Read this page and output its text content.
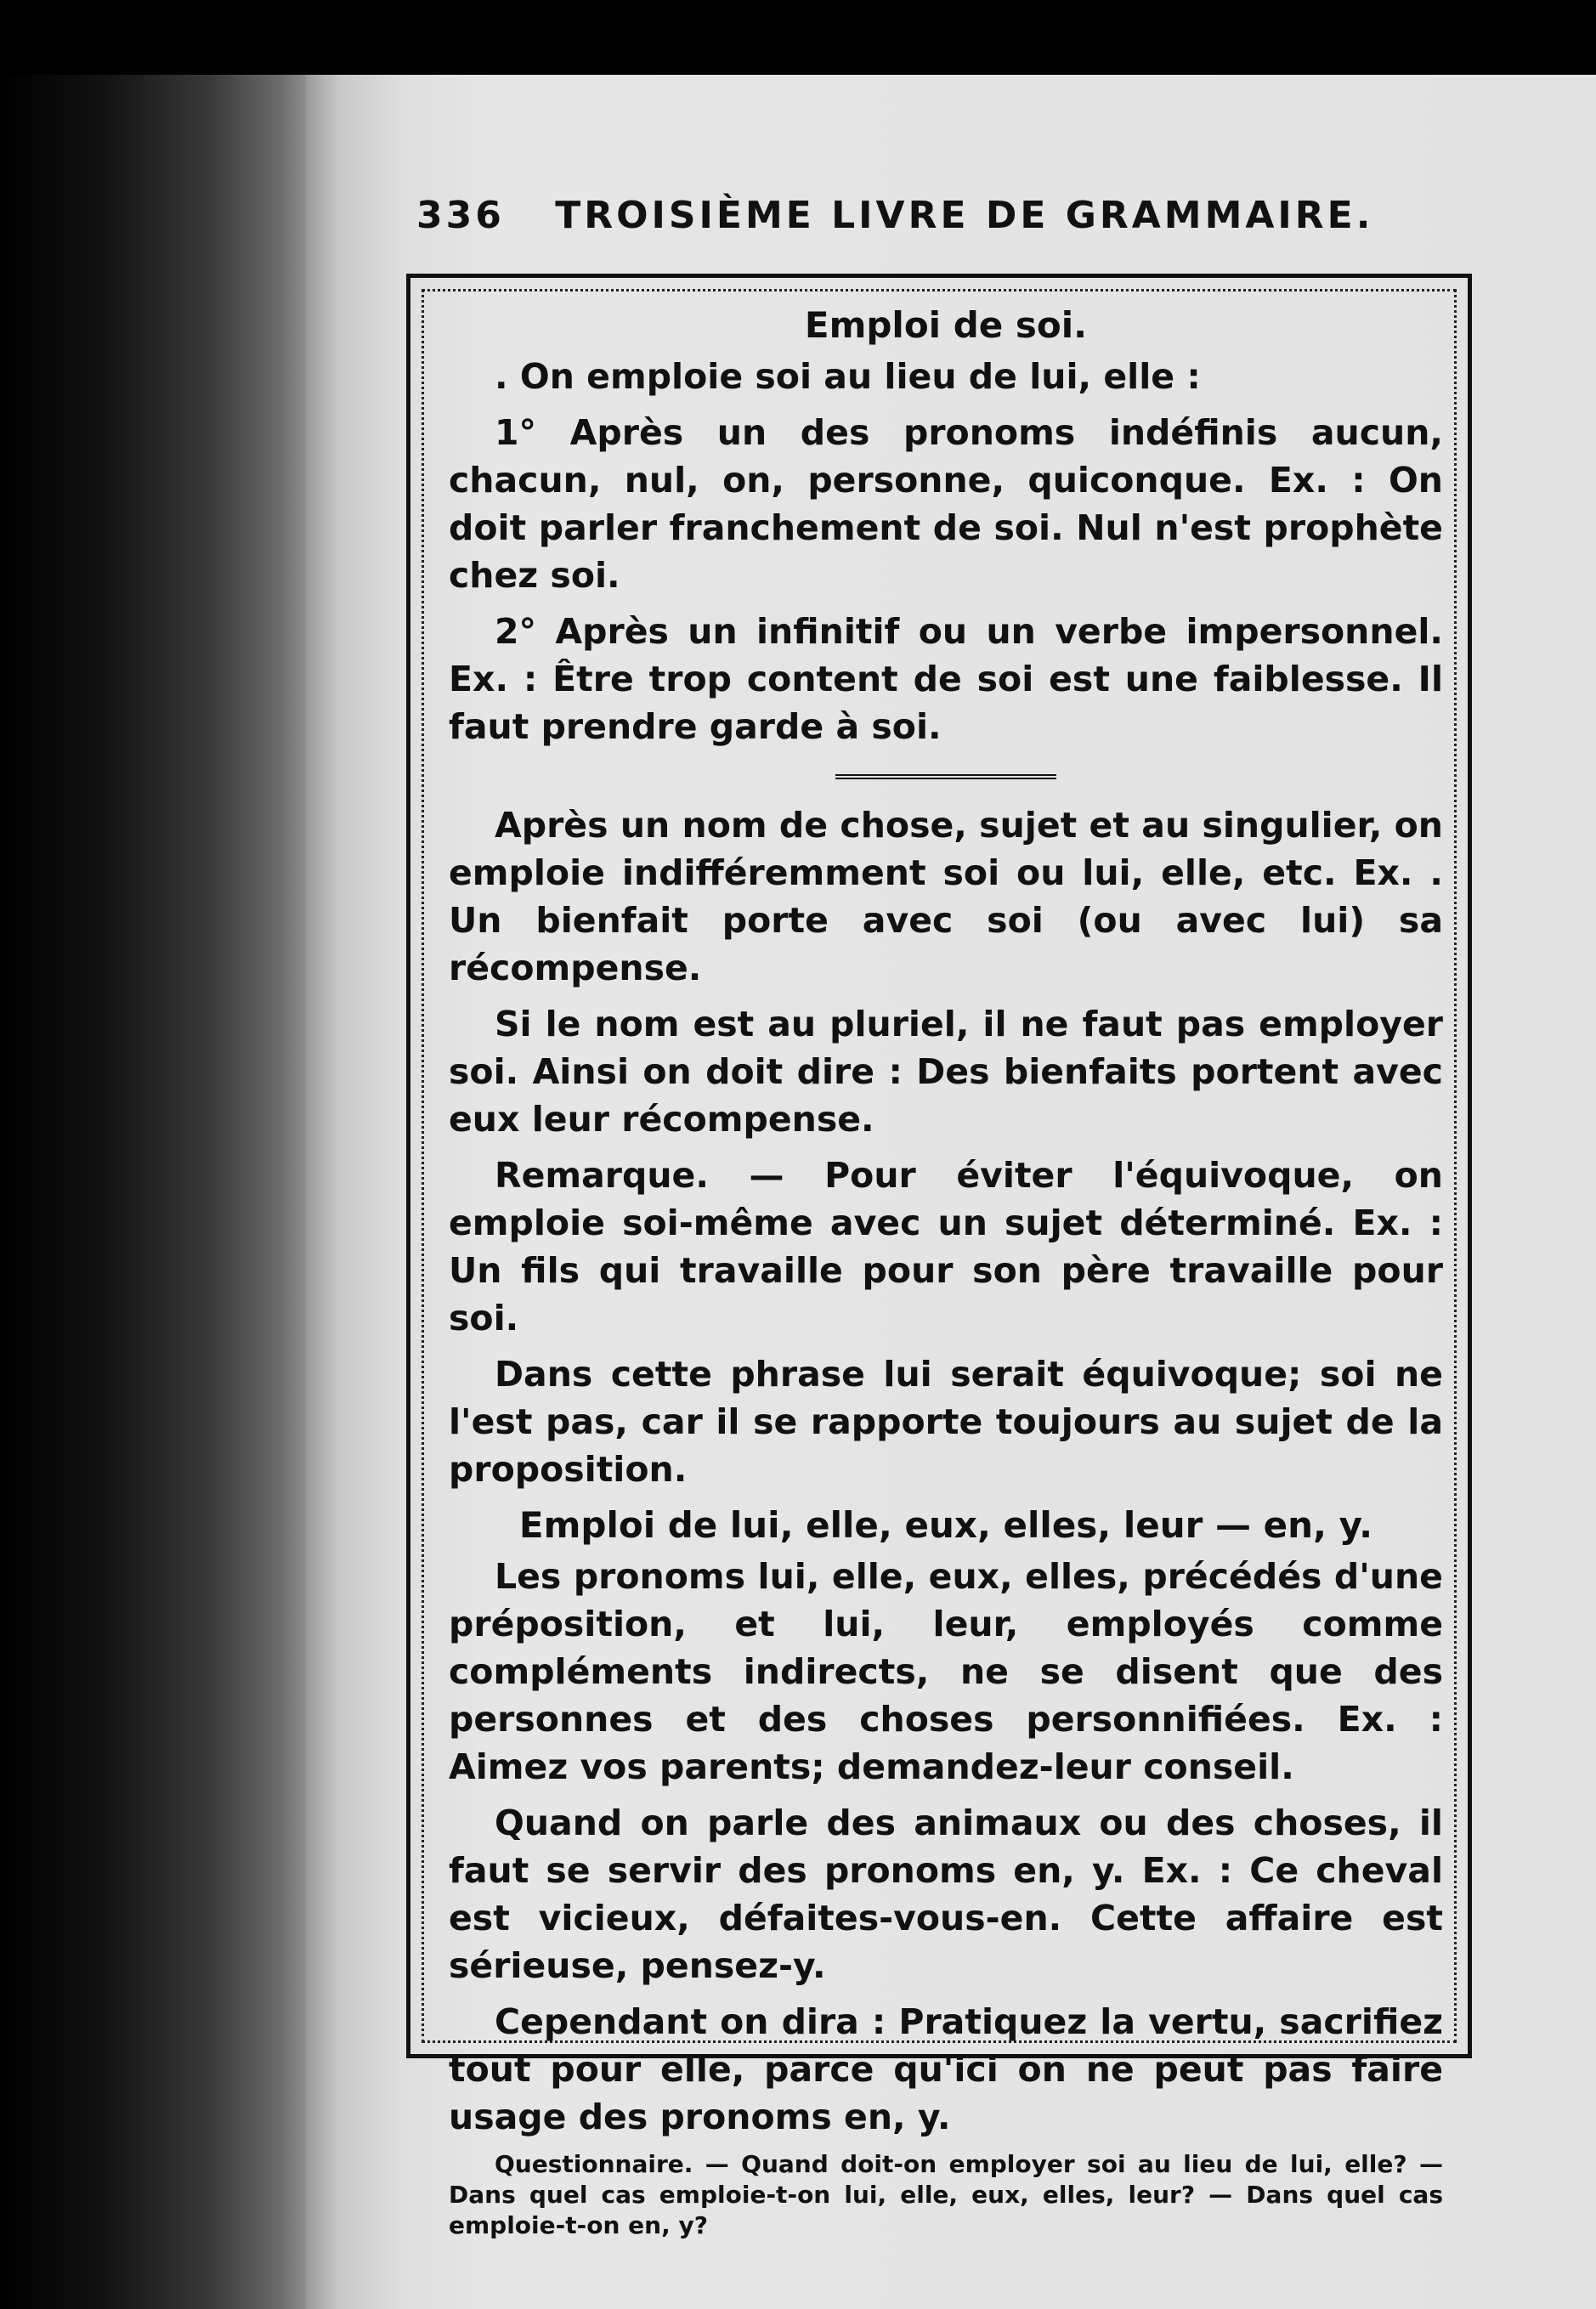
336 TROISIÈME LIVRE DE GRAMMAIRE.

Emploi de soi.

. On emploie soi au lieu de lui, elle :

1° Après un des pronoms indéfinis aucun, chacun, nul, on, personne, quiconque. Ex. : On doit parler franchement de soi. Nul n'est prophète chez soi.

2° Après un infinitif ou un verbe impersonnel. Ex. : Être trop content de soi est une faiblesse. Il faut prendre garde à soi.

Après un nom de chose, sujet et au singulier, on emploie indifféremment soi ou lui, elle, etc. Ex. . Un bienfait porte avec soi (ou avec lui) sa récompense.

Si le nom est au pluriel, il ne faut pas employer soi. Ainsi on doit dire : Des bienfaits portent avec eux leur récompense.

Remarque. — Pour éviter l'équivoque, on emploie soi-même avec un sujet déterminé. Ex. : Un fils qui travaille pour son père travaille pour soi.

Dans cette phrase lui serait équivoque; soi ne l'est pas, car il se rapporte toujours au sujet de la proposition.

Emploi de lui, elle, eux, elles, leur — en, y.

Les pronoms lui, elle, eux, elles, précédés d'une préposition, et lui, leur, employés comme compléments indirects, ne se disent que des personnes et des choses personnifiées. Ex. : Aimez vos parents; demandez-leur conseil.

Quand on parle des animaux ou des choses, il faut se servir des pronoms en, y. Ex. : Ce cheval est vicieux, défaites-vous-en. Cette affaire est sérieuse, pensez-y.

Cependant on dira : Pratiquez la vertu, sacrifiez tout pour elle, parce qu'ici on ne peut pas faire usage des pronoms en, y.

Questionnaire. — Quand doit-on employer soi au lieu de lui, elle? — Dans quel cas emploie-t-on lui, elle, eux, elles, leur? — Dans quel cas emploie-t-on en, y?
